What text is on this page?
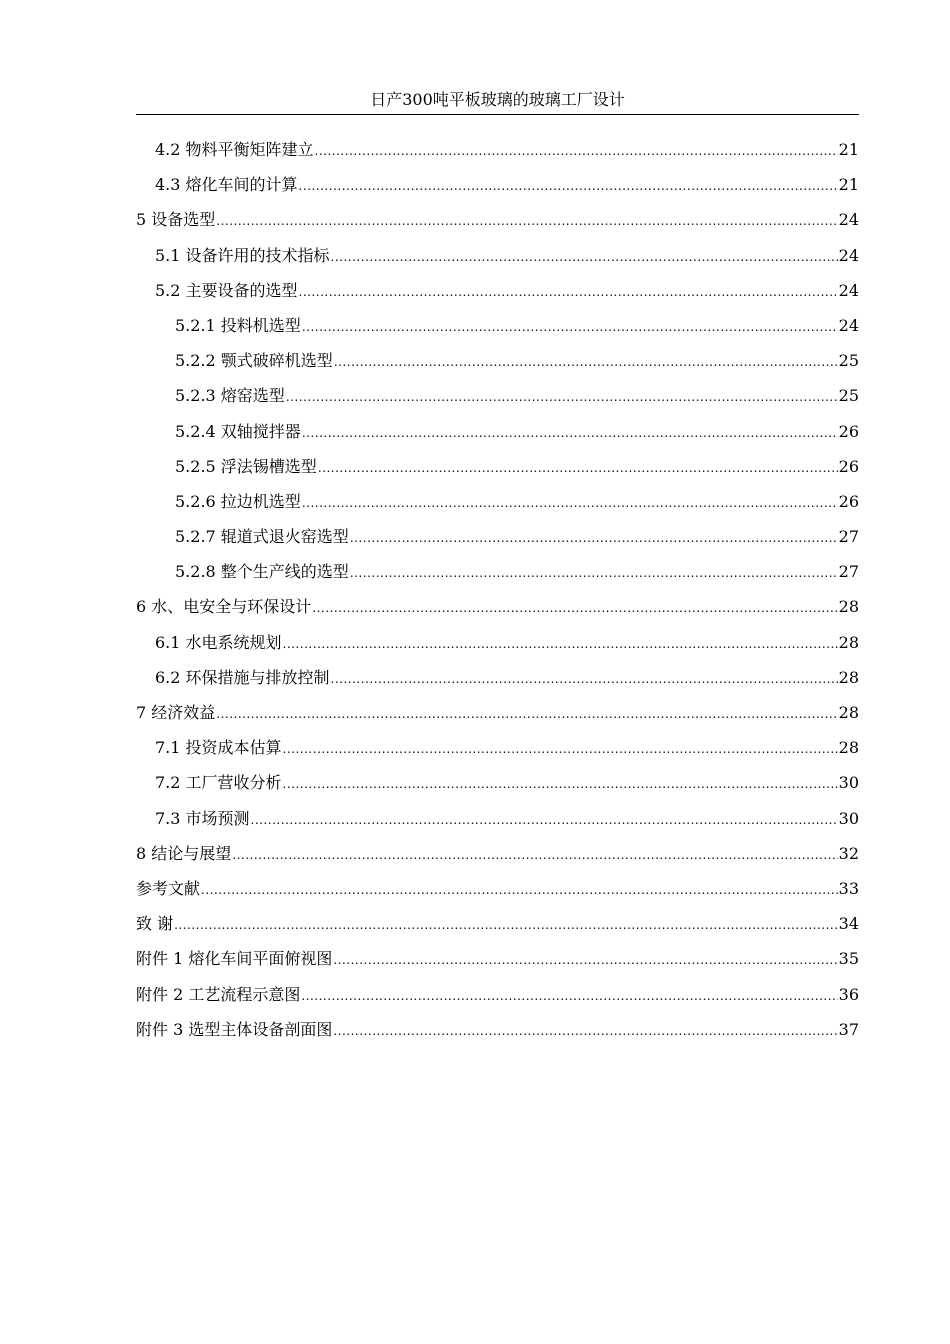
日产300吨平板玻璃的玻璃工厂设计
4.2 物料平衡矩阵建立 .....	21
4.3 熔化车间的计算 .....	21
5 设备选型 .....	24
5.1 设备许用的技术指标 .....	24
5.2 主要设备的选型 .....	24
5.2.1 投料机选型 .....	24
5.2.2 颚式破碎机选型 .....	25
5.2.3 熔窑选型 .....	25
5.2.4 双轴搅拌器 .....	26
5.2.5 浮法锡槽选型 .....	26
5.2.6 拉边机选型 .....	26
5.2.7 辊道式退火窑选型 .....	27
5.2.8 整个生产线的选型 .....	27
6 水、电安全与环保设计 .....	28
6.1 水电系统规划 .....	28
6.2 环保措施与排放控制 .....	28
7 经济效益 .....	28
7.1 投资成本估算 .....	28
7.2 工厂营收分析 .....	30
7.3 市场预测 .....	30
8 结论与展望 .....	32
参考文献 .....	33
致 谢 .....	34
附件 1 熔化车间平面俯视图 .....	35
附件 2 工艺流程示意图 .....	36
附件 3 选型主体设备剖面图 .....	37
